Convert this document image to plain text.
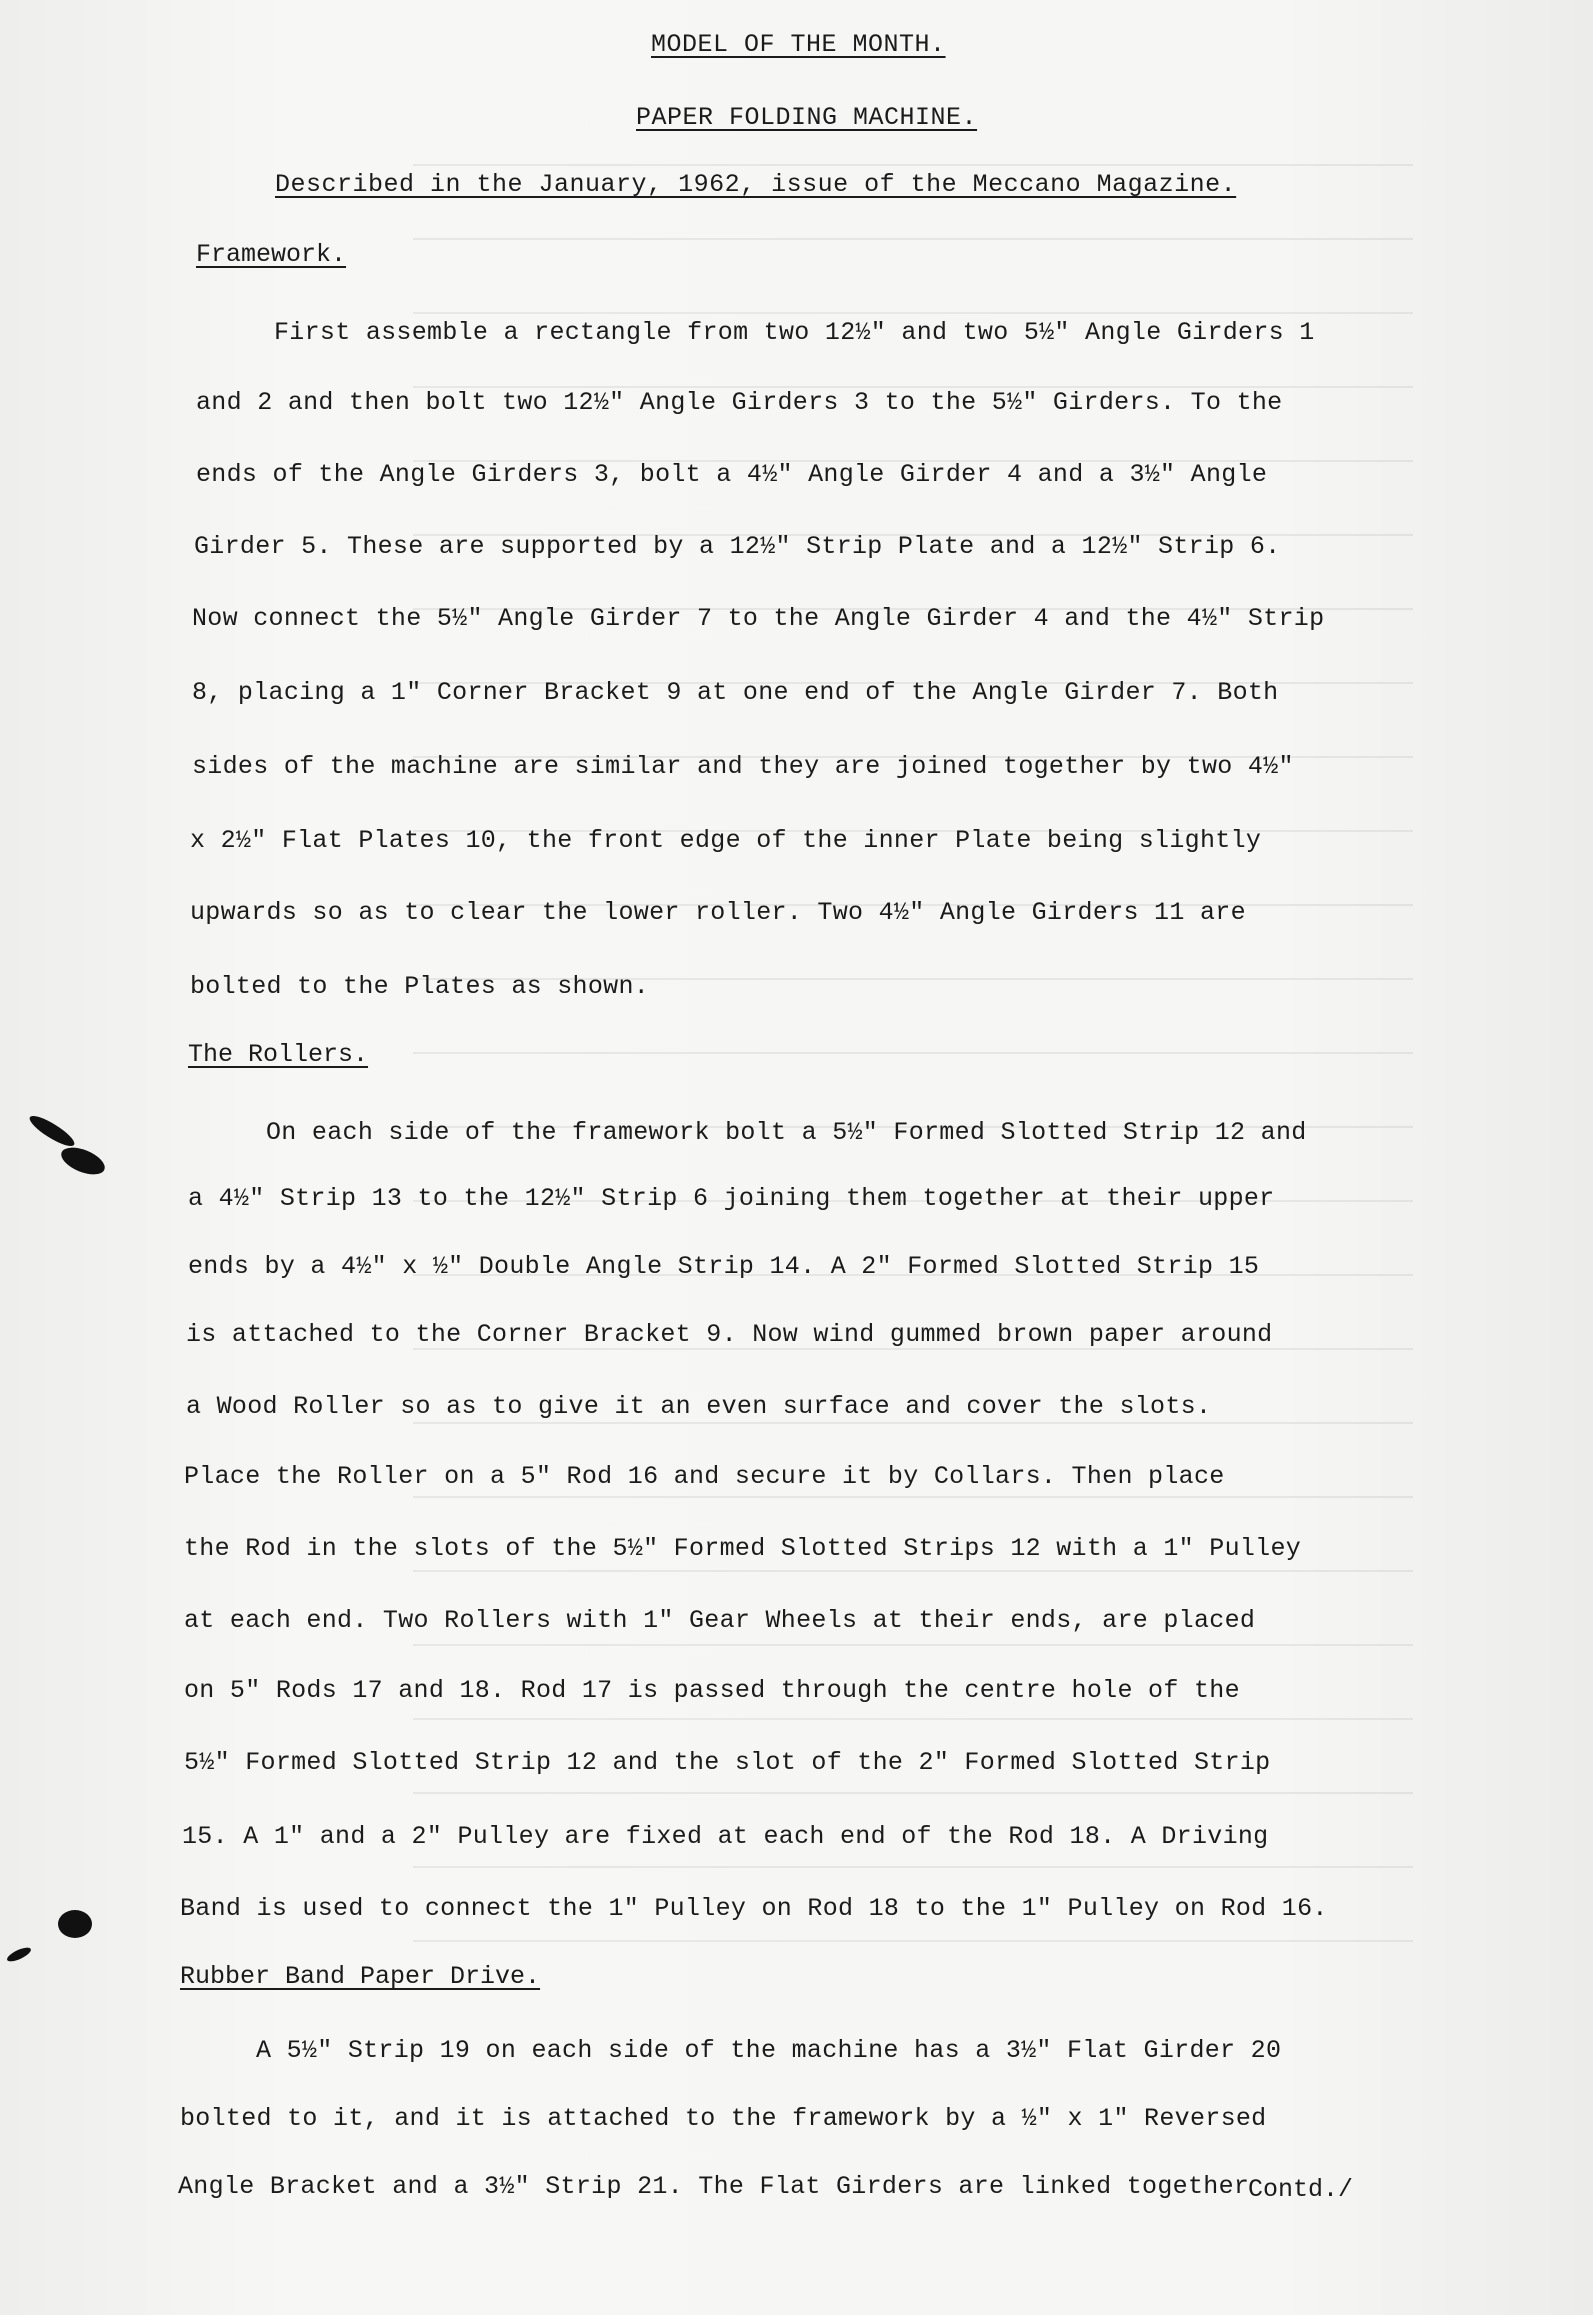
MODEL OF THE MONTH.
PAPER FOLDING MACHINE.
Described in the January, 1962, issue of the Meccano Magazine.
Framework.
First assemble a rectangle from two 12½" and two 5½" Angle Girders 1
and 2 and then bolt two 12½" Angle Girders 3 to the 5½" Girders. To the
ends of the Angle Girders 3, bolt a 4½" Angle Girder 4 and a 3½" Angle
Girder 5. These are supported by a 12½" Strip Plate and a 12½" Strip 6.
Now connect the 5½" Angle Girder 7 to the Angle Girder 4 and the 4½" Strip
8, placing a 1" Corner Bracket 9 at one end of the Angle Girder 7. Both
sides of the machine are similar and they are joined together by two 4½"
x 2½" Flat Plates 10, the front edge of the inner Plate being slightly
upwards so as to clear the lower roller. Two 4½" Angle Girders 11 are
bolted to the Plates as shown.
The Rollers.
On each side of the framework bolt a 5½" Formed Slotted Strip 12 and
a 4½" Strip 13 to the 12½" Strip 6 joining them together at their upper
ends by a 4½" x ½" Double Angle Strip 14. A 2" Formed Slotted Strip 15
is attached to the Corner Bracket 9. Now wind gummed brown paper around
a Wood Roller so as to give it an even surface and cover the slots.
Place the Roller on a 5" Rod 16 and secure it by Collars. Then place
the Rod in the slots of the 5½" Formed Slotted Strips 12 with a 1" Pulley
at each end. Two Rollers with 1" Gear Wheels at their ends, are placed
on 5" Rods 17 and 18. Rod 17 is passed through the centre hole of the
5½" Formed Slotted Strip 12 and the slot of the 2" Formed Slotted Strip
15. A 1" and a 2" Pulley are fixed at each end of the Rod 18. A Driving
Band is used to connect the 1" Pulley on Rod 18 to the 1" Pulley on Rod 16.
Rubber Band Paper Drive.
A 5½" Strip 19 on each side of the machine has a 3½" Flat Girder 20
bolted to it, and it is attached to the framework by a ½" x 1" Reversed
Angle Bracket and a 3½" Strip 21. The Flat Girders are linked together
Contd./
